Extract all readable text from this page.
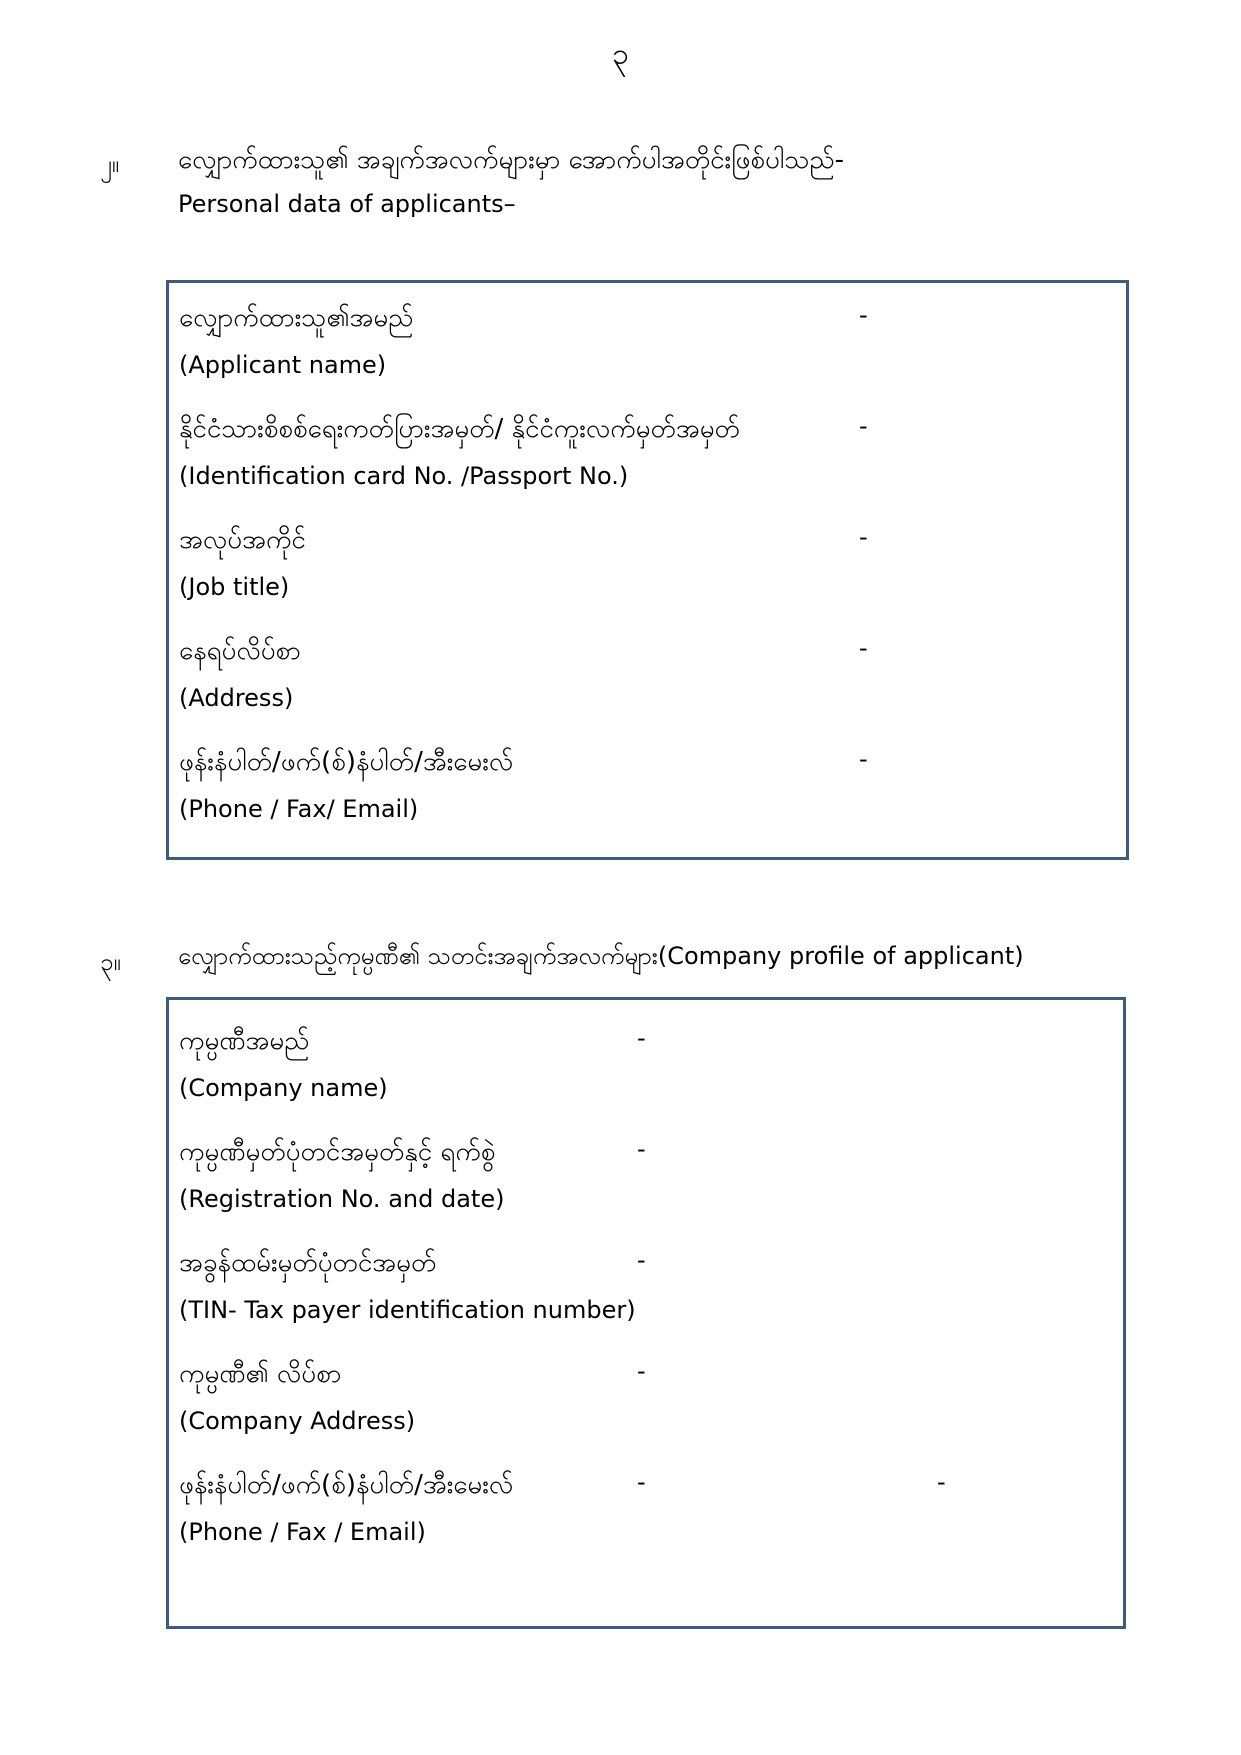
၃
၂။ လျှောက်ထားသူ၏ အချက်အလက်များမှာ အောက်ပါအတိုင်းဖြစ်ပါသည်-
Personal data of applicants–
လျှောက်ထားသူ၏အမည်
(Applicant name)
-
နိုင်ငံသားစိစစ်ရေးကတ်ပြားအမှတ်/ နိုင်ငံကူးလက်မှတ်အမှတ်
(Identification card No. /Passport No.)
-
အလုပ်အကိုင်
(Job title)
-
နေရပ်လိပ်စာ
(Address)
-
ဖုန်းနံပါတ်/ဖက်(စ်)နံပါတ်/အီးမေးလ်
(Phone / Fax/ Email)
-
၃။ လျှောက်ထားသည့်ကုမ္ပဏီ၏ သတင်းအချက်အလက်များ(Company profile of applicant)
ကုမ္ပဏီအမည်
(Company name)
-
ကုမ္ပဏီမှတ်ပုံတင်အမှတ်နှင့် ရက်စွဲ
(Registration No. and date)
-
အခွန်ထမ်းမှတ်ပုံတင်အမှတ်
(TIN- Tax payer identification number)
-
ကုမ္ပဏီ၏ လိပ်စာ
(Company Address)
-
ဖုန်းနံပါတ်/ဖက်(စ်)နံပါတ်/အီးမေးလ်
(Phone / Fax / Email)
-	-
